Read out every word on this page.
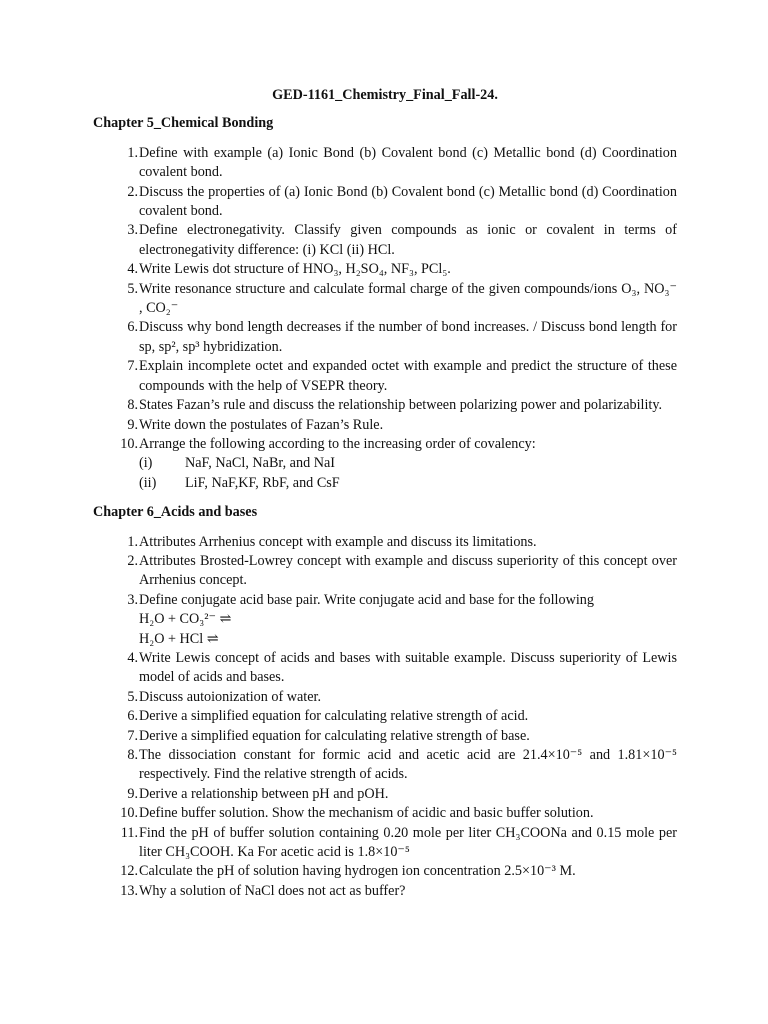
GED-1161_Chemistry_Final_Fall-24.
Chapter 5_Chemical Bonding
1. Define with example (a) Ionic Bond (b) Covalent bond (c) Metallic bond (d) Coordination covalent bond.
2. Discuss the properties of (a) Ionic Bond (b) Covalent bond (c) Metallic bond (d) Coordination covalent bond.
3. Define electronegativity. Classify given compounds as ionic or covalent in terms of electronegativity difference: (i) KCl (ii) HCl.
4. Write Lewis dot structure of HNO₃, H₂SO₄, NF₃, PCl₅.
5. Write resonance structure and calculate formal charge of the given compounds/ions O₃, NO₃⁻ , CO₂⁻
6. Discuss why bond length decreases if the number of bond increases. / Discuss bond length for sp, sp², sp³ hybridization.
7. Explain incomplete octet and expanded octet with example and predict the structure of these compounds with the help of VSEPR theory.
8. States Fazan’s rule and discuss the relationship between polarizing power and polarizability.
9. Write down the postulates of Fazan’s Rule.
10. Arrange the following according to the increasing order of covalency:
(i)	NaF, NaCl, NaBr, and NaI
(ii)	LiF, NaF,KF, RbF, and CsF
Chapter 6_Acids and bases
1. Attributes Arrhenius concept with example and discuss its limitations.
2. Attributes Brosted-Lowrey concept with example and discuss superiority of this concept over Arrhenius concept.
3. Define conjugate acid base pair. Write conjugate acid and base for the following
H₂O + CO₃²⁻ ⇌
H₂O + HCl ⇌
4. Write Lewis concept of acids and bases with suitable example. Discuss superiority of Lewis model of acids and bases.
5. Discuss autoionization of water.
6. Derive a simplified equation for calculating relative strength of acid.
7. Derive a simplified equation for calculating relative strength of base.
8. The dissociation constant for formic acid and acetic acid are 21.4×10⁻⁵ and 1.81×10⁻⁵ respectively. Find the relative strength of acids.
9. Derive a relationship between pH and pOH.
10. Define buffer solution. Show the mechanism of acidic and basic buffer solution.
11. Find the pH of buffer solution containing 0.20 mole per liter CH₃COONa and 0.15 mole per liter CH₃COOH. Ka For acetic acid is 1.8×10⁻⁵
12. Calculate the pH of solution having hydrogen ion concentration 2.5×10⁻³ M.
13. Why a solution of NaCl does not act as buffer?
